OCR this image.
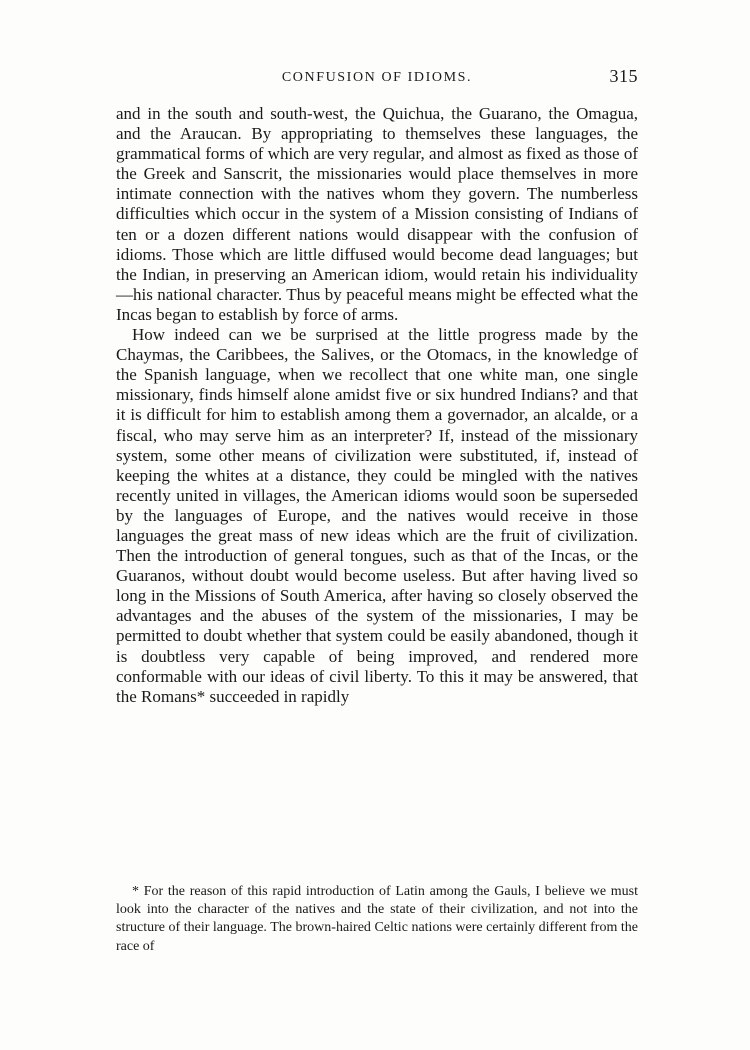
CONFUSION OF IDIOMS.	315

and in the south and south-west, the Quichua, the Guarano, the Omagua, and the Araucan. By appropriating to themselves these languages, the grammatical forms of which are very regular, and almost as fixed as those of the Greek and Sanscrit, the missionaries would place themselves in more intimate connection with the natives whom they govern. The numberless difficulties which occur in the system of a Mission consisting of Indians of ten or a dozen different nations would disappear with the confusion of idioms. Those which are little diffused would become dead languages; but the Indian, in preserving an American idiom, would retain his individuality—his national character. Thus by peaceful means might be effected what the Incas began to establish by force of arms.

How indeed can we be surprised at the little progress made by the Chaymas, the Caribbees, the Salives, or the Otomacs, in the knowledge of the Spanish language, when we recollect that one white man, one single missionary, finds himself alone amidst five or six hundred Indians? and that it is difficult for him to establish among them a governador, an alcalde, or a fiscal, who may serve him as an interpreter? If, instead of the missionary system, some other means of civilization were substituted, if, instead of keeping the whites at a distance, they could be mingled with the natives recently united in villages, the American idioms would soon be superseded by the languages of Europe, and the natives would receive in those languages the great mass of new ideas which are the fruit of civilization. Then the introduction of general tongues, such as that of the Incas, or the Guaranos, without doubt would become useless. But after having lived so long in the Missions of South America, after having so closely observed the advantages and the abuses of the system of the missionaries, I may be permitted to doubt whether that system could be easily abandoned, though it is doubtless very capable of being improved, and rendered more conformable with our ideas of civil liberty. To this it may be answered, that the Romans* succeeded in rapidly

* For the reason of this rapid introduction of Latin among the Gauls, I believe we must look into the character of the natives and the state of their civilization, and not into the structure of their language. The brown-haired Celtic nations were certainly different from the race of
